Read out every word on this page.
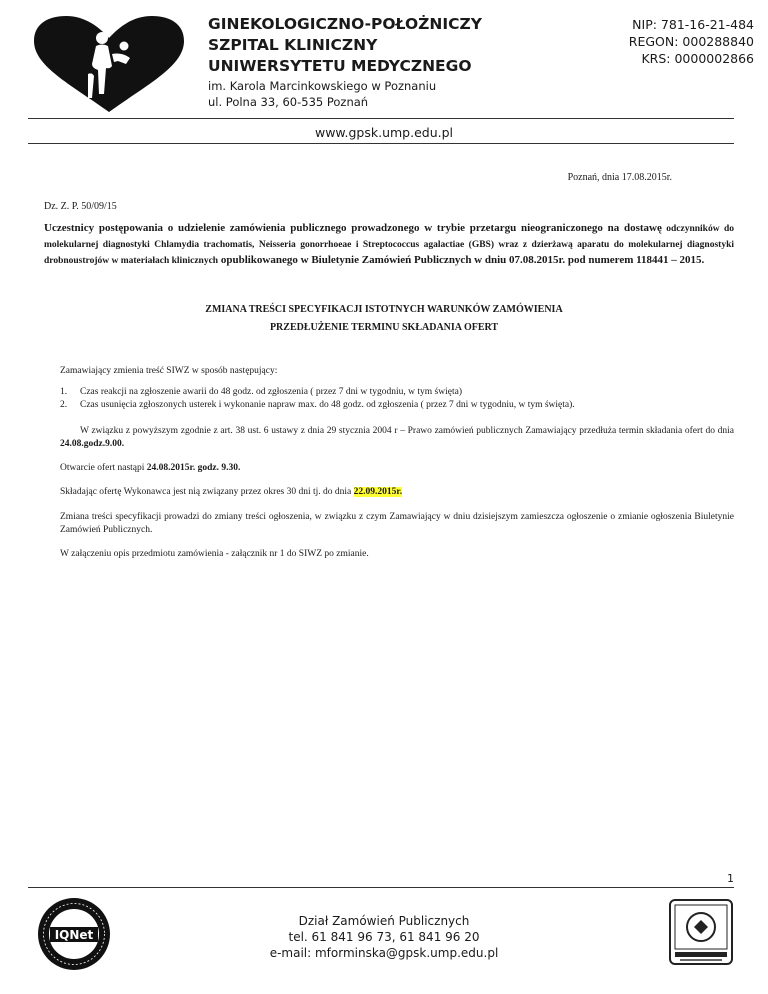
GINEKOLOGICZNO-POŁOŻNICZY
SZPITAL KLINICZNY
UNIWERSYTETU MEDYCZNEGO
im. Karola Marcinkowskiego w Poznaniu
ul. Polna 33, 60-535 Poznań
NIP: 781-16-21-484
REGON: 000288840
KRS: 0000002866
www.gpsk.ump.edu.pl
Poznań, dnia 17.08.2015r.
Dz. Z. P. 50/09/15
Uczestnicy postępowania o udzielenie zamówienia publicznego prowadzonego w trybie przetargu nieograniczonego na dostawę odczynników do molekularnej diagnostyki Chlamydia trachomatis, Neisseria gonorrhoeae i Streptococcus agalactiae (GBS) wraz z dzierżawą aparatu do molekularnej diagnostyki drobnoustrojów w materiałach klinicznych opublikowanego w Biuletynie Zamówień Publicznych w dniu 07.08.2015r. pod numerem 118441 – 2015.
ZMIANA TREŚCI SPECYFIKACJI ISTOTNYCH WARUNKÓW ZAMÓWIENIA
PRZEDŁUŻENIE TERMINU SKŁADANIA OFERT
Zamawiający zmienia treść SIWZ w sposób następujący:
1.	Czas reakcji na zgłoszenie awarii do 48 godz. od zgłoszenia ( przez 7 dni w tygodniu, w tym święta)
2.	Czas usunięcia zgłoszonych usterek i wykonanie napraw max. do 48 godz. od zgłoszenia ( przez 7 dni w tygodniu, w tym święta).
W związku z powyższym zgodnie z art. 38 ust. 6 ustawy z dnia 29 stycznia 2004 r – Prawo zamówień publicznych Zamawiający przedłuża termin składania ofert do dnia 24.08.godz.9.00.
Otwarcie ofert nastąpi 24.08.2015r. godz. 9.30.
Składając ofertę Wykonawca jest nią związany przez okres 30 dni tj. do dnia 22.09.2015r.
Zmiana treści specyfikacji prowadzi do zmiany treści ogłoszenia, w związku z czym Zamawiający w dniu dzisiejszym zamieszcza ogłoszenie o zmianie ogłoszenia Biuletynie Zamówień Publicznych.
W załączeniu opis przedmiotu zamówienia - załącznik nr 1 do SIWZ po zmianie.
1
IQNet
Dział Zamówień Publicznych
tel. 61 841 96 73, 61 841 96 20
e-mail: mforminska@gpsk.ump.edu.pl
